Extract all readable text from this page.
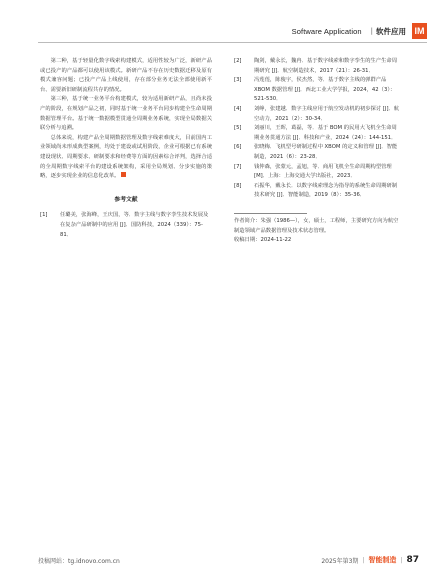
Software Application | 软件应用 IM

第二种，基于轻量化数字线索构建模式，适用性较为广泛，新研产品或已投产的产品都可以使用该模式。新研产品不存在历史数据迁移及原有模式兼容问题；已投产产品上线使用，存在部分业务无法全部使用新平台、需要新旧研制流程共存的情况。

第三种，基于统一业务平台构建模式，较为适用新研产品，且尚未投产的阶段，在规划产品之初，同时基于统一业务平台同步构建全生命周期数据管理平台。基于统一数据模型贯通全周期业务系统，实现全局数据关联分析与追溯。

总体来说，构建产品全周期数据管理及数字线索难度大，目前国内工业领域尚未形成典型案例，均处于建设或试用阶段，企业可根据已有系统建设现状、周期要求、研制要求和经费等方面的因素综合评判，选择合适的全周期数字线索平台的建设系统架构，采用全局规划、分步实施的策略，逐步实现企业的信息化改革。

参考文献
[1]	任璐美，张海峰，王庆国，等．数字主线与数字孪生技术发展及在复杂产品研制中的应用 [J]．国防科技，2024（339）：75-81．
[2]	陶剑，戴永长，魏冉．基于数字线索和数字孪生的生产生命周期研究 [J]．航空制造技术，2017（21）：26-31．
[3]	冯莲莲，陈俊宇，侯杰然，等．基于数字主线的弹群产品 XBOM 数据管理 [J]．西北工业大学学报，2024，42（3）：521-530．
[4]	刘峥，张建越．数字主线应用于航空发动机的初步探讨 [J]．航空动力，2021（2）：30-34．
[5]	刘丽川，王晖，葛磊，等．基于 BOM 的民用大飞机全生命周期业务贯通方法 [J]．科技和产业，2024（24）：144-151．
[6]	张晓梅．飞机型号研制过程中 XBOM 的定义和管理 [J]．智能制造，2021（6）：23-28．
[7]	钱仲森，张蒙元，孟旭，等．商用飞机全生命周期构型管理 [M]．上海：上海交通大学出版社，2023．
[8]	石振华，戴永长．以数字线索理念为指导的系统生命周期研制技术研究 [J]．智能制造，2019（8）：35-36．

作者简介：朱强（1986—），女，硕士，工程师，主要研究方向为航空制造领域产品数据管理及技术状态管理。

收稿日期：2024-11-22

投稿网站：tg.idnovo.com.cn	2025年第3期 | 智能制造 | 87
